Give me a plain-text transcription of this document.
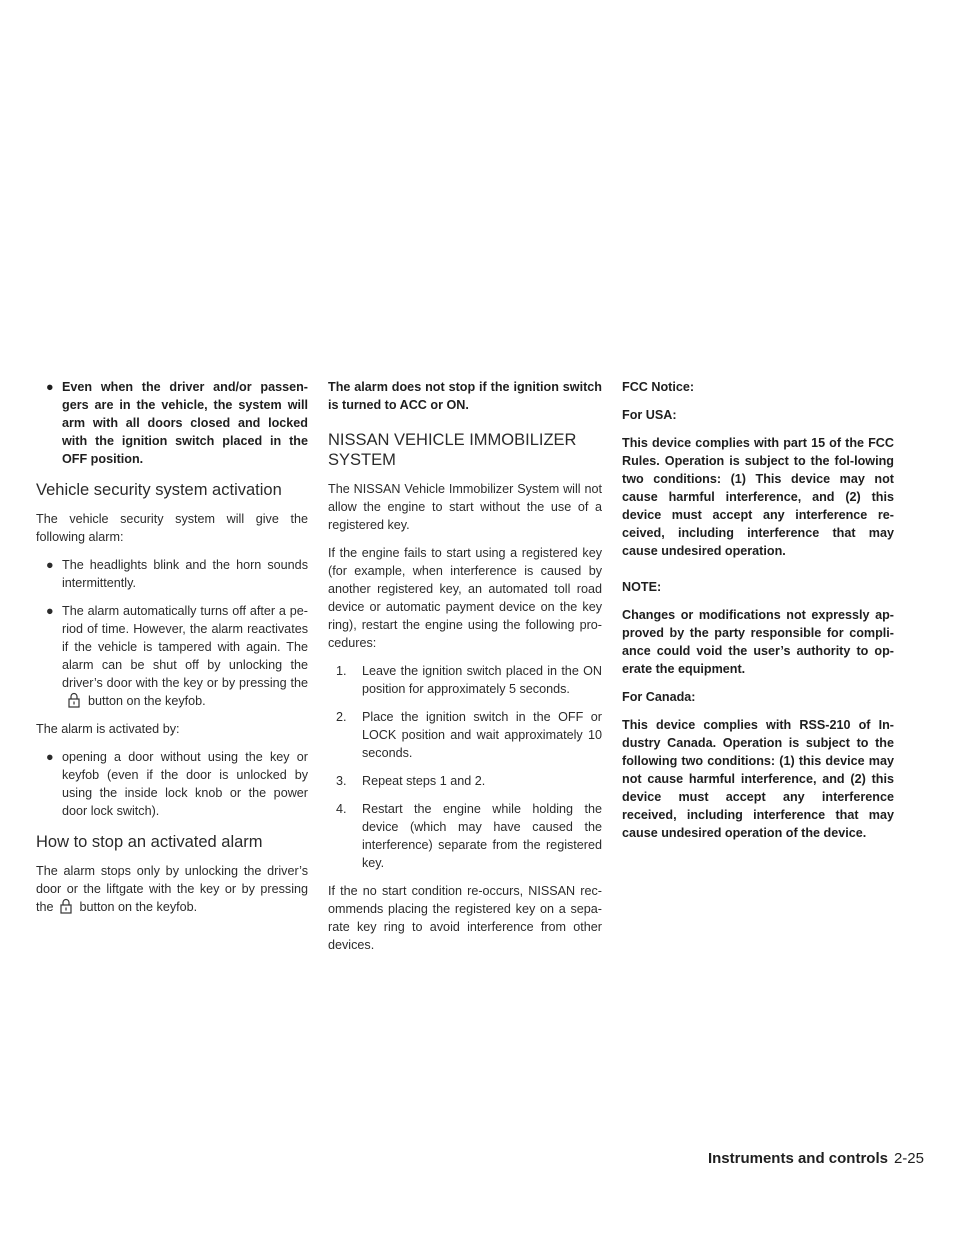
● Even when the driver and/or passen-gers are in the vehicle, the system will arm with all doors closed and locked with the ignition switch placed in the OFF position.
Vehicle security system activation

The vehicle security system will give the following alarm:

● The headlights blink and the horn sounds intermittently.
● The alarm automatically turns off after a pe-riod of time. However, the alarm reactivates if the vehicle is tampered with again. The alarm can be shut off by unlocking the driver’s door with the key or by pressing the
button on the keyfob.

The alarm is activated by:

● opening a door without using the key or keyfob (even if the door is unlocked by using the inside lock knob or the power door lock switch).
How to stop an activated alarm

The alarm stops only by unlocking the driver’s door or the liftgate with the key or by pressing the button on the keyfob.

The alarm does not stop if the ignition switch is turned to ACC or ON.

NISSAN VEHICLE IMMOBILIZER SYSTEM

The NISSAN Vehicle Immobilizer System will not allow the engine to start without the use of a registered key.

If the engine fails to start using a registered key (for example, when interference is caused by another registered key, an automated toll road device or automatic payment device on the key ring), restart the engine using the following pro-cedures:

1. Leave the ignition switch placed in the ON position for approximately 5 seconds.
2. Place the ignition switch in the OFF or LOCK position and wait approximately 10 seconds.
3. Repeat steps 1 and 2.
4. Restart the engine while holding the device (which may have caused the interference) separate from the registered key.

If the no start condition re-occurs, NISSAN rec-ommends placing the registered key on a sepa-rate key ring to avoid interference from other devices.

FCC Notice:

For USA:

This device complies with part 15 of the FCC Rules. Operation is subject to the fol-lowing two conditions: (1) This device may not cause harmful interference, and (2) this device must accept any interference re-ceived, including interference that may cause undesired operation.

NOTE:

Changes or modifications not expressly ap-proved by the party responsible for compli-ance could void the user’s authority to op-erate the equipment.

For Canada:

This device complies with RSS-210 of In-dustry Canada. Operation is subject to the following two conditions: (1) this device may not cause harmful interference, and (2) this device must accept any interference received, including interference that may cause undesired operation of the device.

Instruments and controls 2-25
